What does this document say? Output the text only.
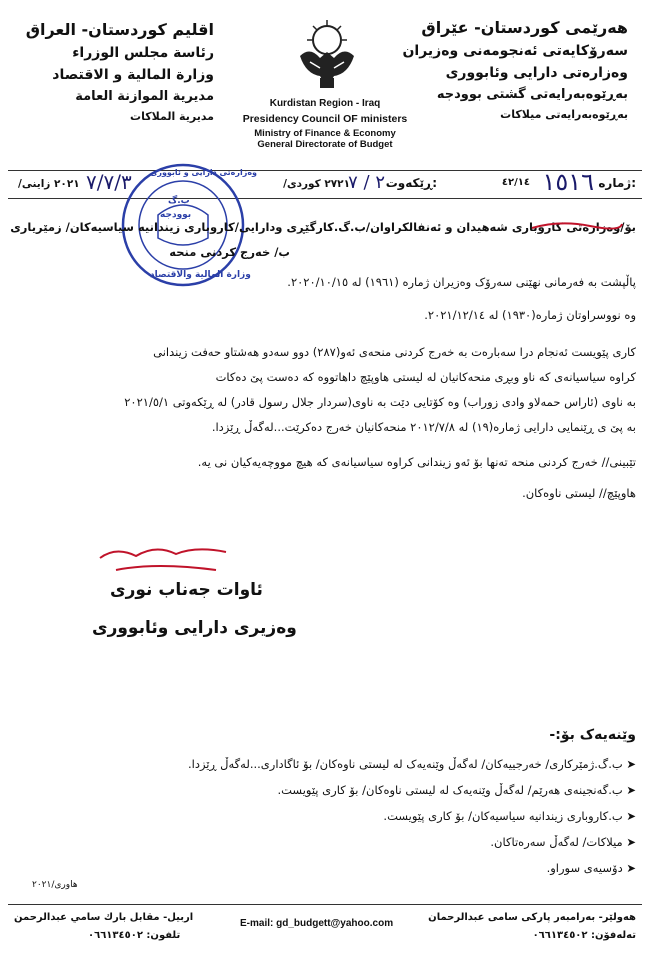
هەرێمی کوردستان- عێراق
سەرۆکایەتی ئەنجومەنی وەزیران
وەزارەتی دارایی وئابووری
بەڕێوەبەرایەتی گشتی بوودجە
بەڕێوەبەرایەتی میلاکات
اقليم كوردستان- العراق
رئاسة مجلس الوزراء
وزارة المالية و الاقتصاد
مديرية الموازنة العامة
مديرية الملاكات
Kurdistan Region - Iraq
Presidency Council OF ministers
Ministry of Finance & Economy
General Directorate of Budget
ژمارە:
١٥١٦
٤٢/١٤
ڕێکەوت:
٢ / ٧
/٢٧٢١ كوردى
٧/٧/٣
/٢٠٢١ زاینی
ب.گ
بوودجە
وزارة المالية والاقتصاد
وەزارەتی دارایی و ئابووری
بۆ/وەزارەتی کاروباری شەهیدان و ئەنفالکراوان/ب.گ.کارگێڕی ودارایی/کاروباری زیندانیە سیاسیەکان/ زمێریاری
ب/ خەرج کردنی منحە
پاڵپشت بە فەرمانی نهێنی سەرۆک وەزیران ژمارە (١٩٦١) لە ٢٠٢٠/١٠/١٥.
وە نووسراوتان ژمارە(١٩٣٠) لە ٢٠٢١/١٢/١٤.
کاری پێویست ئەنجام درا سەبارەت بە خەرج کردنی منحەی ئەو(٢٨٧) دوو سەدو هەشتاو حەفت زیندانی
کراوە سیاسیانەی کە ناو وبڕی منحەکانیان لە لیستی هاوپێچ داهاتووە کە دەست پێ دەکات
بە ناوی (ئاراس حمەلاو وادی زوراب) وە کۆتایی دێت بە ناوی(سردار جلال رسول قادر) لە ڕێکەوتی ٢٠٢١/٥/١
بە پێ ی ڕێنمایی دارایی ژمارە(١٩) لە ٢٠١٢/٧/٨ منحەکانیان خەرج دەکرێت...لەگەڵ ڕێزدا.
تێبینی// خەرج کردنی منحە تەنها بۆ ئەو زیندانی کراوە سیاسیانەی کە هیچ مووچەیەکیان نی یە.
هاوپێچ// لیستی ناوەکان.
ئاوات جەناب نوری
وەزیری دارایی وئابووری
وێنەیەک بۆ:-
➤ ب.گ.ژمێرکاری/ خەرجییەکان/ لەگەڵ وێنەیەک لە لیستی ناوەکان/ بۆ ئاگاداری...لەگەڵ ڕێزدا.
➤ ب.گەنجینەی هەرێم/ لەگەڵ وێنەیەک لە لیستی ناوەکان/ بۆ کاری پێویست.
➤ ب.کاروباری زیندانیە سیاسیەکان/ بۆ کاری پێویست.
➤ میلاکات/ لەگەڵ سەرەتاکان.
➤ دۆسیەی سوراو.
هاوری/٢٠٢١
هەولێر- بەرامبەر پارکی سامی عبدالرحمان
تەلەفۆن: ٠٦٦١٣٤٥٠٢
E-mail: gd_budgett@yahoo.com
اربيل- مقابل بارك سامي عبدالرحمن
تلفون: ٠٦٦١٣٤٥٠٢
